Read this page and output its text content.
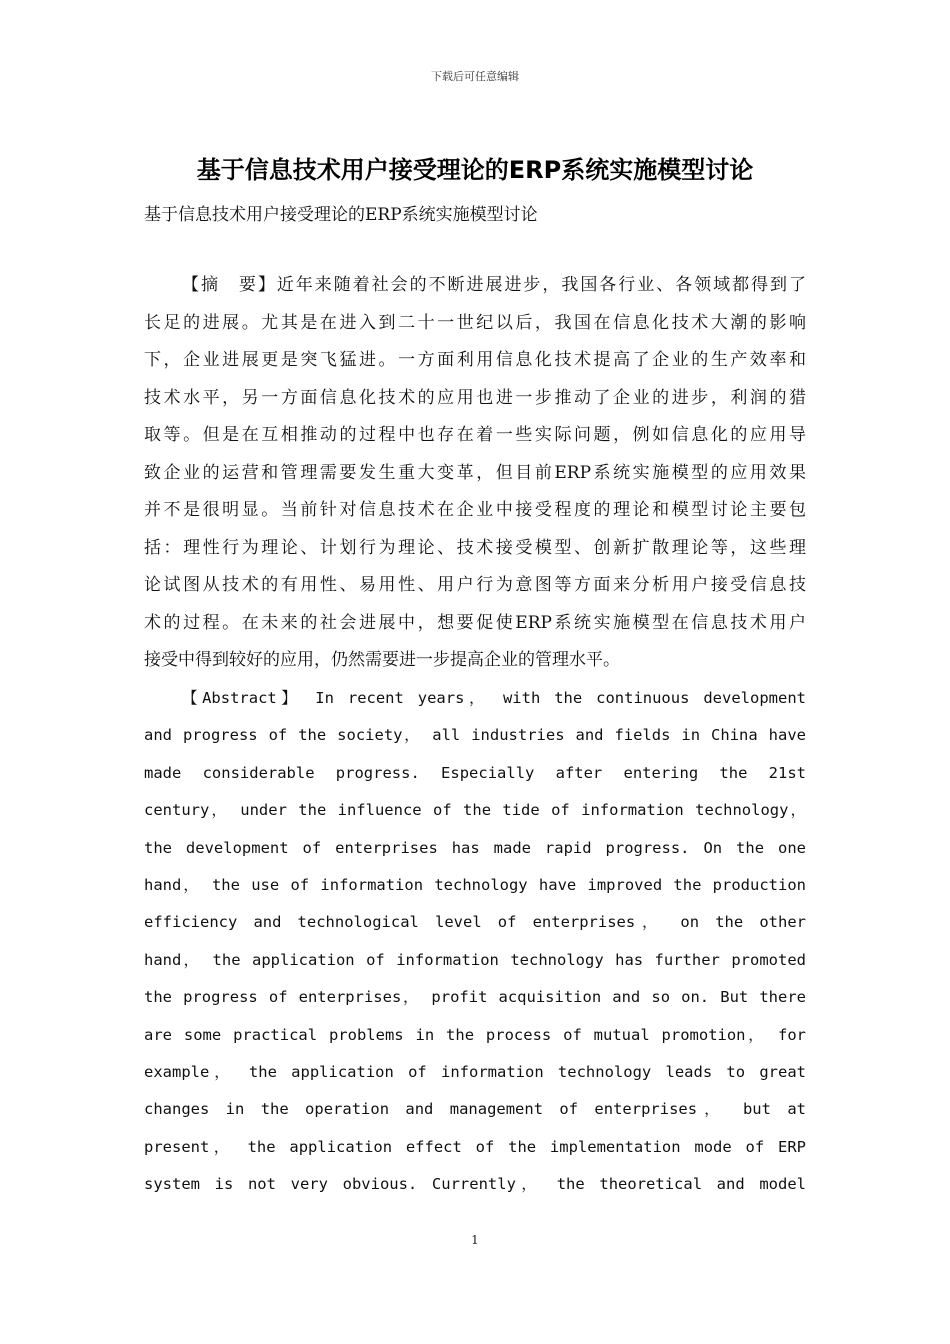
下载后可任意编辑
基于信息技术用户接受理论的ERP系统实施模型讨论
基于信息技术用户接受理论的ERP系统实施模型讨论
【摘　要】近年来随着社会的不断进展进步，我国各行业、各领域都得到了
长足的进展。尤其是在进入到二十一世纪以后，我国在信息化技术大潮的影响
下，企业进展更是突飞猛进。一方面利用信息化技术提高了企业的生产效率和
技术水平，另一方面信息化技术的应用也进一步推动了企业的进步，利润的猎
取等。但是在互相推动的过程中也存在着一些实际问题，例如信息化的应用导
致企业的运营和管理需要发生重大变革，但目前ERP系统实施模型的应用效果
并不是很明显。当前针对信息技术在企业中接受程度的理论和模型讨论主要包
括：理性行为理论、计划行为理论、技术接受模型、创新扩散理论等，这些理
论试图从技术的有用性、易用性、用户行为意图等方面来分析用户接受信息技
术的过程。在未来的社会进展中，想要促使ERP系统实施模型在信息技术用户
接受中得到较好的应用，仍然需要进一步提高企业的管理水平。
【Abstract】 In recent years， with the continuous development
and progress of the society， all industries and fields in China have
made considerable progress. Especially after entering the 21st
century， under the influence of the tide of information technology，
the development of enterprises has made rapid progress. On the one
hand， the use of information technology have improved the production
efficiency and technological level of enterprises， on the other
hand， the application of information technology has further promoted
the progress of enterprises， profit acquisition and so on. But there
are some practical problems in the process of mutual promotion， for
example， the application of information technology leads to great
changes in the operation and management of enterprises， but at
present， the application effect of the implementation mode of ERP
system is not very obvious. Currently， the theoretical and model
1
